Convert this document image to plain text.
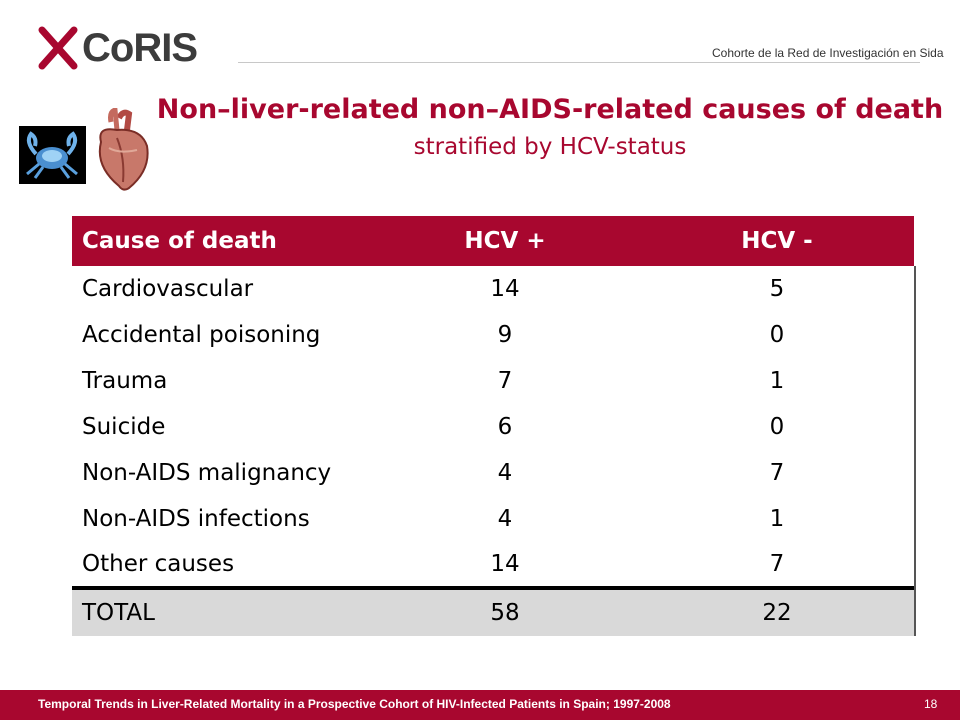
CoRIS	Cohorte de la Red de Investigación en Sida
Non–liver-related non–AIDS-related causes of death
stratified by HCV-status
Cause of death	HCV +	HCV -
Cardiovascular	14	5
Accidental poisoning	9	0
Trauma	7	1
Suicide	6	0
Non-AIDS malignancy	4	7
Non-AIDS infections	4	1
Other causes	14	7
TOTAL	58	22
Temporal Trends in Liver-Related Mortality in a Prospective Cohort of HIV-Infected Patients in Spain; 1997-2008	18
